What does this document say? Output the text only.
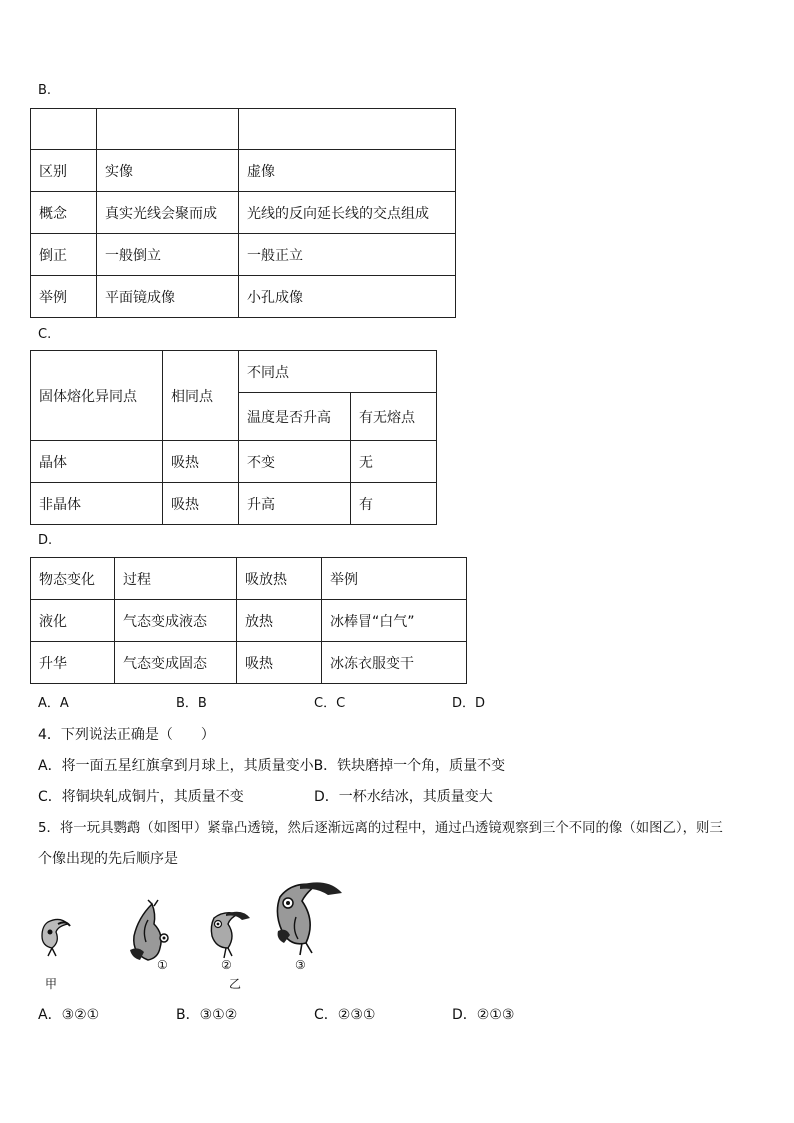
B.

区别	实像	虚像
概念	真实光线会聚而成	光线的反向延长线的交点组成
倒正	一般倒立	一般正立
举例	平面镜成像	小孔成像
C.
固体熔化异同点	相同点	不同点	
		温度是否升高	有无熔点
晶体	吸热	不变	无
非晶体	吸热	升高	有
D.
物态变化	过程	吸放热	举例
液化	气态变成液态	放热	冰棒冒“白气”
升华	气态变成固态	吸热	冰冻衣服变干
A．A	B．B	C．C	D．D
4．下列说法正确是（　　）
A．将一面五星红旗拿到月球上，其质量变小B．铁块磨掉一个角，质量不变
C．将铜块轧成铜片，其质量不变	D．一杯水结冰，其质量变大
5．将一玩具鹦鹉（如图甲）紧靠凸透镜，然后逐渐远离的过程中，通过凸透镜观察到三个不同的像（如图乙），则三
个像出现的先后顺序是
甲
①	②	③
乙
A．③②①	B．③①②	C．②③①	D．②①③
